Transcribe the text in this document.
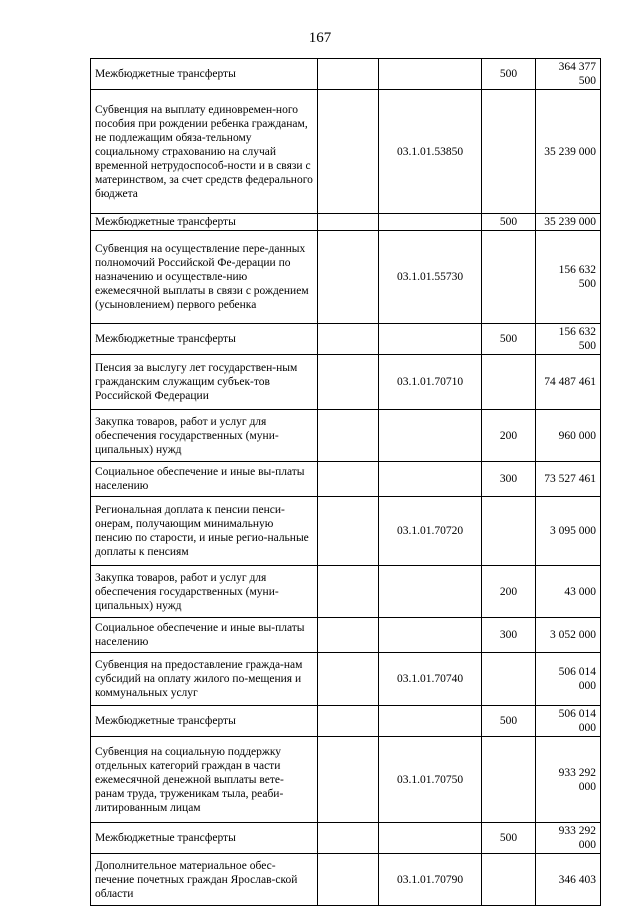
167
Межбюджетные трансферты			500	364 377 500
Субвенция на выплату единовремен-ного пособия при рождении ребенка гражданам, не подлежащим обяза-тельному социальному страхованию на случай временной нетрудоспособ-ности и в связи с материнством, за счет средств федерального бюджета		03.1.01.53850		35 239 000
Межбюджетные трансферты			500	35 239 000
Субвенция на осуществление пере-данных полномочий Российской Фе-дерации по назначению и осуществле-нию ежемесячной выплаты в связи с рождением (усыновлением) первого ребенка		03.1.01.55730		156 632 500
Межбюджетные трансферты			500	156 632 500
Пенсия за выслугу лет государствен-ным гражданским служащим субъек-тов Российской Федерации		03.1.01.70710		74 487 461
Закупка товаров, работ и услуг для обеспечения государственных (муни-ципальных) нужд			200	960 000
Социальное обеспечение и иные вы-платы населению			300	73 527 461
Региональная доплата к пенсии пенси-онерам, получающим минимальную пенсию по старости, и иные регио-нальные доплаты к пенсиям		03.1.01.70720		3 095 000
Закупка товаров, работ и услуг для обеспечения государственных (муни-ципальных) нужд			200	43 000
Социальное обеспечение и иные вы-платы населению			300	3 052 000
Субвенция на предоставление гражда-нам субсидий на оплату жилого по-мещения и коммунальных услуг		03.1.01.70740		506 014 000
Межбюджетные трансферты			500	506 014 000
Субвенция на социальную поддержку отдельных категорий граждан в части ежемесячной денежной выплаты вете-ранам труда, труженикам тыла, реаби-литированным лицам		03.1.01.70750		933 292 000
Межбюджетные трансферты			500	933 292 000
Дополнительное материальное обес-печение почетных граждан Ярослав-ской области		03.1.01.70790		346 403
